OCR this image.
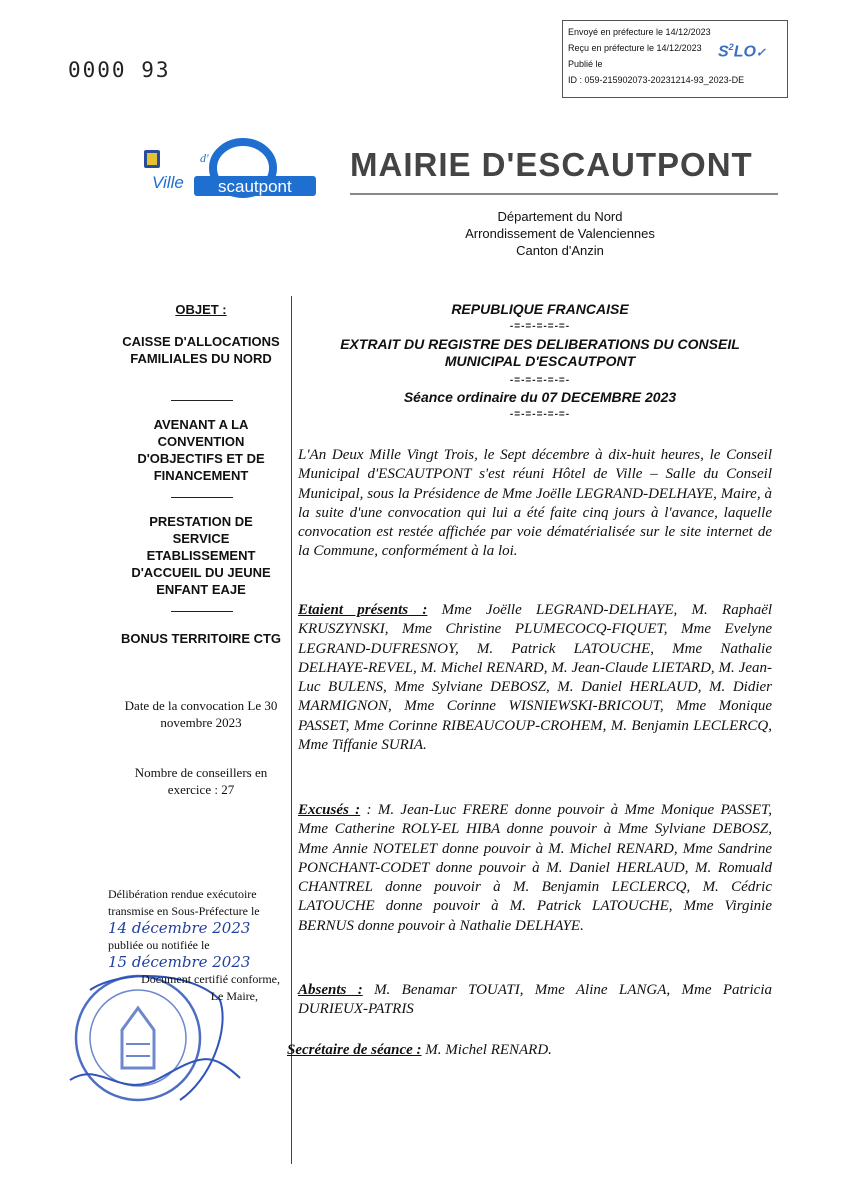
0000 93
Envoyé en préfecture le 14/12/2023
Reçu en préfecture le 14/12/2023
Publié le
ID : 059-215902073-20231214-93_2023-DE
$S^2LO✓$
Ville
d'
scautpont
MAIRIE D'ESCAUTPONT
Département du Nord
Arrondissement de Valenciennes
Canton d'Anzin
OBJET :
CAISSE D'ALLOCATIONS FAMILIALES DU NORD
AVENANT A LA CONVENTION D'OBJECTIFS ET DE FINANCEMENT
PRESTATION DE SERVICE ETABLISSEMENT D'ACCUEIL DU JEUNE ENFANT EAJE
BONUS TERRITOIRE CTG
Date de la convocation Le 30 novembre 2023
Nombre de conseillers en exercice : 27
REPUBLIQUE FRANCAISE
-=-=-=-=-=-
EXTRAIT DU REGISTRE DES DELIBERATIONS DU CONSEIL MUNICIPAL D'ESCAUTPONT
-=-=-=-=-=-
Séance ordinaire du 07 DECEMBRE 2023
-=-=-=-=-=-
L'An Deux Mille Vingt Trois, le Sept décembre à dix-huit heures, le Conseil Municipal d'ESCAUTPONT s'est réuni Hôtel de Ville – Salle du Conseil Municipal, sous la Présidence de Mme Joëlle LEGRAND-DELHAYE, Maire, à la suite d'une convocation qui lui a été faite cinq jours à l'avance, laquelle convocation est restée affichée par voie dématérialisée sur le site internet de la Commune, conformément à la loi.
Etaient présents : Mme Joëlle LEGRAND-DELHAYE, M. Raphaël KRUSZYNSKI, Mme Christine PLUMECOCQ-FIQUET, Mme Evelyne LEGRAND-DUFRESNOY, M. Patrick LATOUCHE, Mme Nathalie DELHAYE-REVEL, M. Michel RENARD, M. Jean-Claude LIETARD, M. Jean-Luc BULENS, Mme Sylviane DEBOSZ, M. Daniel HERLAUD, M. Didier MARMIGNON, Mme Corinne WISNIEWSKI-BRICOUT, Mme Monique PASSET, Mme Corinne RIBEAUCOUP-CROHEM, M. Benjamin LECLERCQ, Mme Tiffanie SURIA.
Excusés : : M. Jean-Luc FRERE donne pouvoir à Mme Monique PASSET, Mme Catherine ROLY-EL HIBA donne pouvoir à Mme Sylviane DEBOSZ, Mme Annie NOTELET donne pouvoir à M. Michel RENARD, Mme Sandrine PONCHANT-CODET donne pouvoir à M. Daniel HERLAUD, M. Romuald CHANTREL donne pouvoir à M. Benjamin LECLERCQ, M. Cédric LATOUCHE donne pouvoir à M. Patrick LATOUCHE, Mme Virginie BERNUS donne pouvoir à Nathalie DELHAYE.
Absents : M. Benamar TOUATI, Mme Aline LANGA, Mme Patricia DURIEUX-PATRIS
Secrétaire de séance : M. Michel RENARD.
Délibération rendue exécutoire
transmise en Sous-Préfecture le
14 décembre 2023
publiée ou notifiée le
15 décembre 2023
Document certifié conforme,
Le Maire,
